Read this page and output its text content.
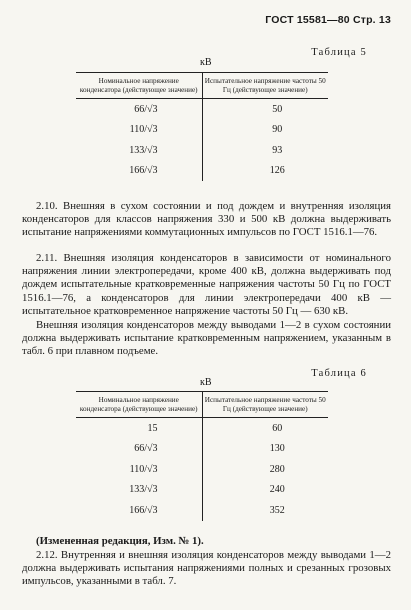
ГОСТ 15581—80 Стр. 13
Таблица 5
кВ
Номинальное напряжение конденсатора (действующее значение)	Испытательное напряжение частоты 50 Гц (действующее значение)
66/√3	50
110/√3	90
133/√3	93
166/√3	126
2.10. Внешняя в сухом состоянии и под дождем и внутренняя изоляция конденсаторов для классов напряжения 330 и 500 кВ должна выдерживать испытание напряжениями коммутационных импульсов по ГОСТ 1516.1—76.
2.11. Внешняя изоляция конденсаторов в зависимости от номинального напряжения линии электропередачи, кроме 400 кВ, должна выдерживать под дождем испытательные кратковременные напряжения частоты 50 Гц по ГОСТ 1516.1—76, а конденсаторов для линии электропередачи 400 кВ — испытательное кратковременное напряжение частоты 50 Гц — 630 кВ.
Внешняя изоляция конденсаторов между выводами 1—2 в сухом состоянии должна выдерживать испытание кратковременным напряжением, указанным в табл. 6 при плавном подъеме.
Таблица 6
кВ
Номинальное напряжение конденсатора (действующее значение)	Испытательное напряжение частоты 50 Гц (действующее значение)
15	60
66/√3	130
110/√3	280
133/√3	240
166/√3	352
(Измененная редакция, Изм. № 1).
2.12. Внутренняя и внешняя изоляция конденсаторов между выводами 1—2 должна выдерживать испытания напряжениями полных и срезанных грозовых импульсов, указанными в табл. 7.
